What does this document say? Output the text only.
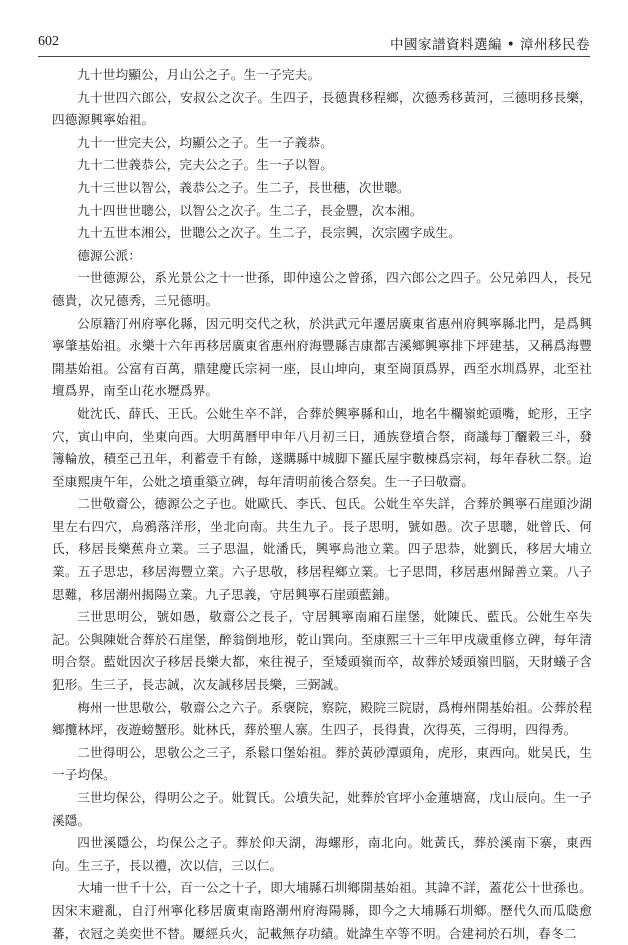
602	中國家譜資料選編 • 漳州移民卷

九十世均顯公，月山公之子。生一子完夫。

九十世四六郎公，安叔公之次子。生四子，長德貴移程鄉，次德秀移黃河，三德明移長樂，四德源興寧始祖。

九十一世完夫公，均顯公之子。生一子義恭。

九十二世義恭公，完夫公之子。生一子以智。

九十三世以智公，義恭公之子。生二子，長世穗，次世聰。

九十四世世聰公，以智公之次子。生二子，長金豐，次本湘。

九十五世本湘公，世聰公之次子。生二子，長宗興，次宗國字成生。

德源公派：

一世德源公，系光景公之十一世孫，即仲遠公之曾孫，四六郎公之四子。公兄弟四人，長兄德貴，次兄德秀，三兄德明。

公原籍汀州府寧化縣，因元明交代之秋，於洪武元年遷居廣東省惠州府興寧縣北門，是爲興寧肇基始祖。永樂十六年再移居廣東省惠州府海豐縣吉康都吉溪鄉興寧排下坪建基，又稱爲海豐開基始祖。公富有百萬，鼎建慶氏宗祠一座，艮山坤向，東至崗頂爲界，西至水圳爲界，北至社壇爲界，南至山花水壢爲界。

妣沈氏、薛氏、王氏。公妣生卒不詳，合葬於興寧縣和山，地名牛欄嶺蛇頭嘴，蛇形，王字穴，寅山申向，坐東向西。大明萬曆甲申年八月初三日，通族登墳合祭，商議每丁釃穀三斗，發簿輪放，積至己丑年，利蓄壹千有餘，遂購縣中城脚下羅氏屋宇數棟爲宗祠，每年春秋二祭。迨至康熙庚午年，公妣之墳重築立碑，每年清明前後合祭矣。生一子曰敬齋。

二世敬齋公，德源公之子也。妣歐氏、李氏、包氏。公妣生卒失詳，合葬於興寧石崖頭沙湖里左右四穴，烏鴉落洋形，坐北向南。共生九子。長子思明，號如愚。次子思聰，妣曾氏、何氏，移居長樂蕉舟立業。三子思温，妣潘氏，興寧烏池立業。四子思恭，妣劉氏，移居大埔立業。五子思忠，移居海豐立業。六子思敬，移居程鄉立業。七子思問，移居惠州歸善立業。八子思難，移居潮州揭陽立業。九子思義，守居興寧石崖頭藍鋪。

三世思明公，號如愚，敬齋公之長子，守居興寧南廂石崖堡，妣陳氏、藍氏。公妣生卒失記。公與陳妣合葬於石崖堡，醉翁倒地形，乾山巽向。至康熙三十三年甲戌歲重修立碑，每年清明合祭。藍妣因次子移居長樂大都，來往視子，至矮頭嶺而卒，故葬於矮頭嶺凹脳，天財蟻子含犯形。生三子，長志誠，次友誠移居長樂，三弼誠。

梅州一世思敬公，敬齋公之六子。系襃院，察院，殿院三院尉，爲梅州開基始祖。公葬於程鄉攬林坪，夜遊螃蟹形。妣林氏，葬於聖人寨。生四子，長得貴，次得英，三得明，四得秀。

二世得明公，思敬公之三子，系鬆口堡始祖。葬於黃砂潭頭角，虎形，東西向。妣吴氏，生一子均保。

三世均保公，得明公之子。妣賀氏。公墳失記，妣葬於官坪小金蓮塘窩，戊山辰向。生一子溪隱。

四世溪隱公，均保公之子。葬於仰天湖，海螺形，南北向。妣黃氏，葬於溪南下寨，東西向。生三子，長以禮，次以信，三以仁。

大埔一世千十公，百一公之十子，即大埔縣石圳鄉開基始祖。其諱不詳，蓋花公十世孫也。因宋末避亂，自汀州寧化移居廣東南路潮州府海陽縣，即今之大埔縣石圳鄉。歷代久而瓜瓞愈蕃，衣冠之美奕世不替。屢經兵火，記載無存功績。妣諱生卒等不明。合建祠於石圳，春冬二
